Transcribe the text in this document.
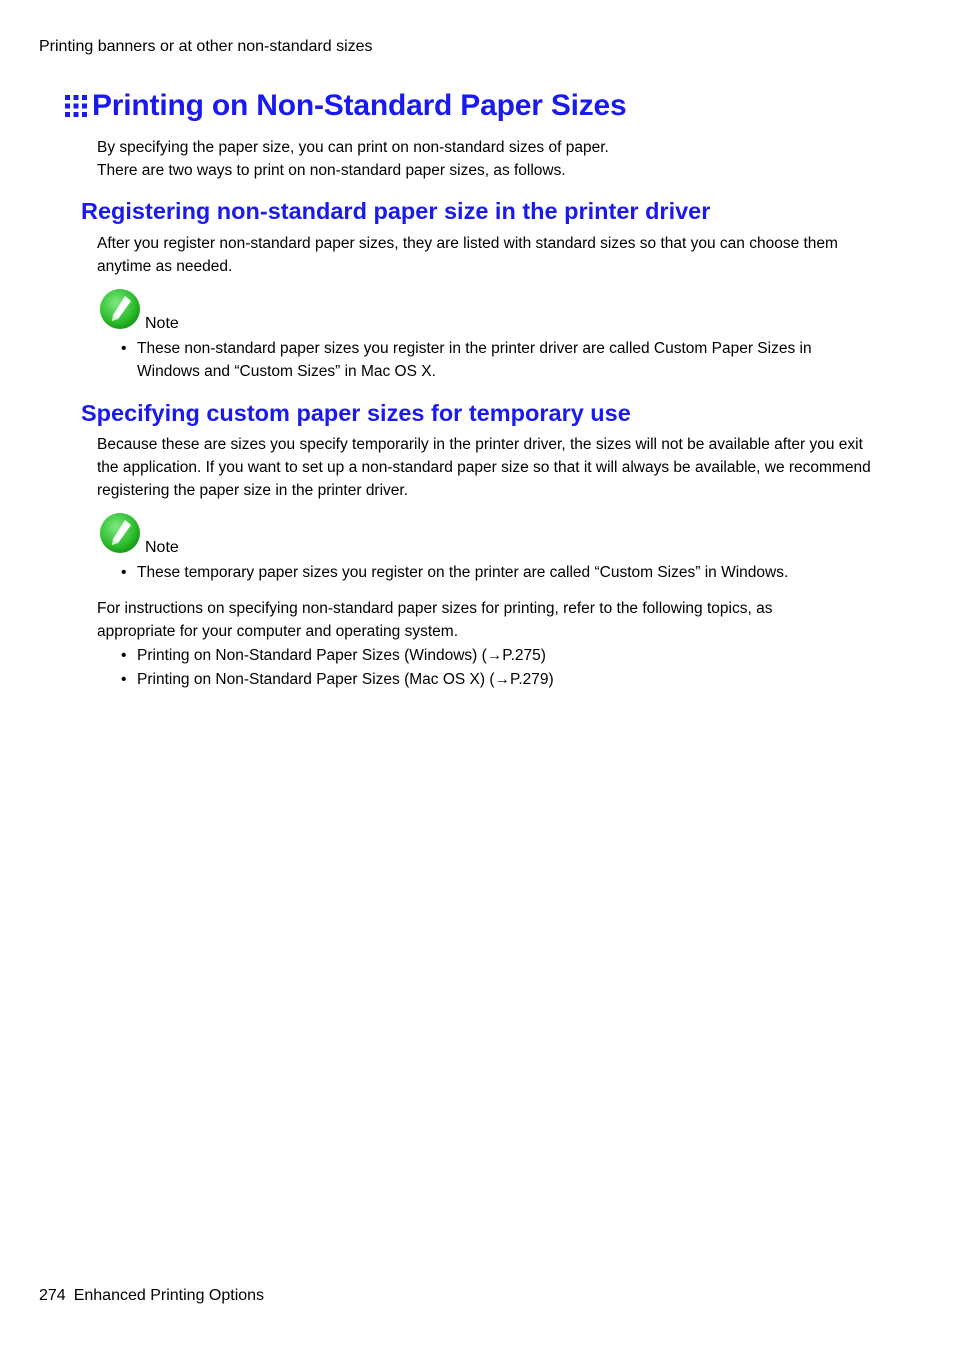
Printing banners or at other non-standard sizes
Printing on Non-Standard Paper Sizes

By specifying the paper size, you can print on non-standard sizes of paper.

There are two ways to print on non-standard paper sizes, as follows.

Registering non-standard paper size in the printer driver

After you register non-standard paper sizes, they are listed with standard sizes so that you can choose them anytime as needed.

Note
• These non-standard paper sizes you register in the printer driver are called Custom Paper Sizes in Windows and “Custom Sizes” in Mac OS X.
Specifying custom paper sizes for temporary use

Because these are sizes you specify temporarily in the printer driver, the sizes will not be available after you exit the application. If you want to set up a non-standard paper size so that it will always be available, we recommend registering the paper size in the printer driver.

Note
• These temporary paper sizes you register on the printer are called “Custom Sizes” in Windows.

For instructions on specifying non-standard paper sizes for printing, refer to the following topics, as appropriate for your computer and operating system.

• Printing on Non-Standard Paper Sizes (Windows) (→P.275)
• Printing on Non-Standard Paper Sizes (Mac OS X) (→P.279)
274 Enhanced Printing Options
